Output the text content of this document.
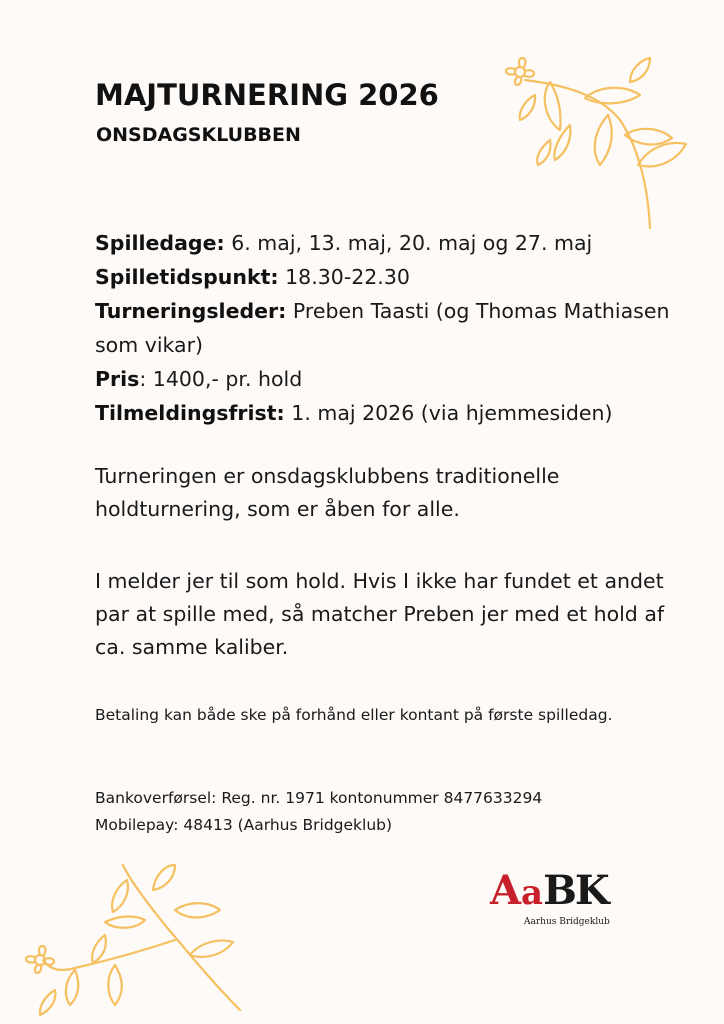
MAJTURNERING 2026
ONSDAGSKLUBBEN
Spilledage: 6. maj, 13. maj, 20. maj og 27. maj
Spilletidspunkt: 18.30-22.30
Turneringsleder: Preben Taasti (og Thomas Mathiasen som vikar)
Pris: 1400,- pr. hold
Tilmeldingsfrist: 1. maj 2026 (via hjemmesiden)
Turneringen er onsdagsklubbens traditionelle holdturnering, som er åben for alle.
I melder jer til som hold. Hvis I ikke har fundet et andet par at spille med, så matcher Preben jer med et hold af ca. samme kaliber.
Betaling kan både ske på forhånd eller kontant på første spilledag.
Bankoverførsel: Reg. nr. 1971 kontonummer 8477633294
Mobilepay: 48413 (Aarhus Bridgeklub)
AaBK
Aarhus Bridgeklub
